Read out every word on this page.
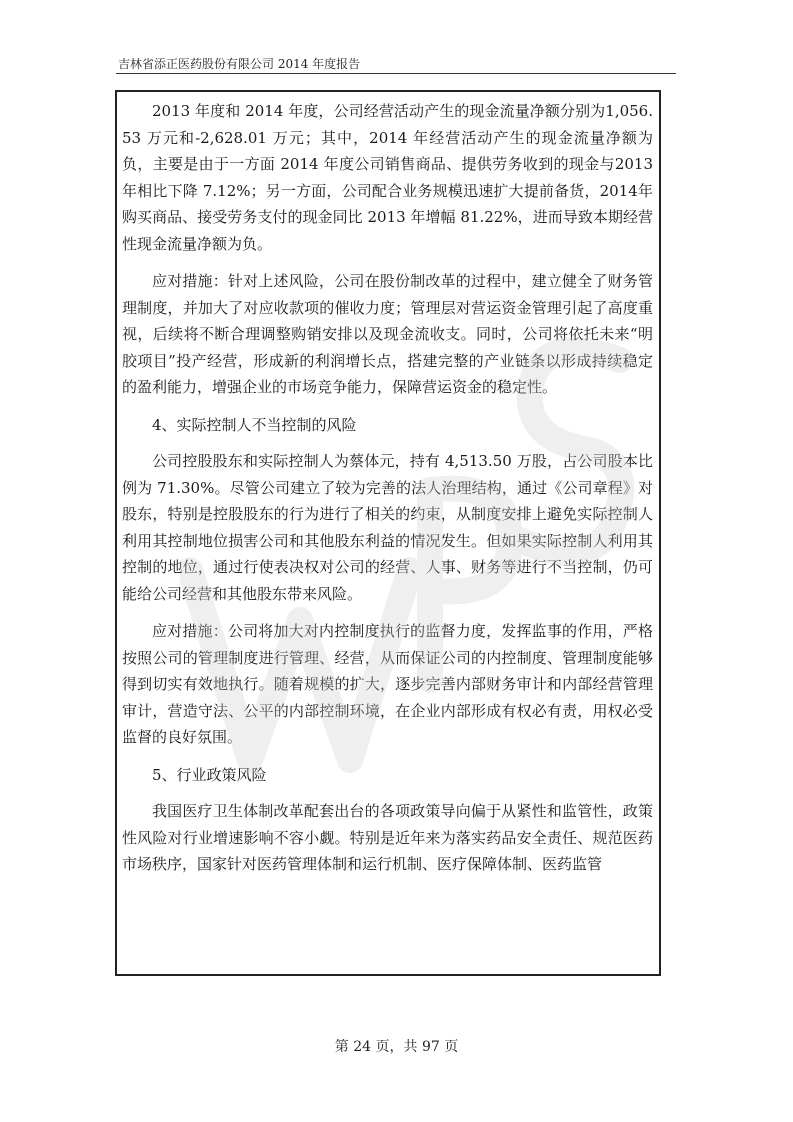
吉林省添正医药股份有限公司 2014 年度报告

2013 年度和 2014 年度，公司经营活动产生的现金流量净额分别为1,056.53 万元和-2,628.01 万元；其中，2014 年经营活动产生的现金流量净额为负，主要是由于一方面 2014 年度公司销售商品、提供劳务收到的现金与2013 年相比下降 7.12%；另一方面，公司配合业务规模迅速扩大提前备货，2014年购买商品、接受劳务支付的现金同比 2013 年增幅 81.22%，进而导致本期经营性现金流量净额为负。

应对措施：针对上述风险，公司在股份制改革的过程中，建立健全了财务管理制度，并加大了对应收款项的催收力度；管理层对营运资金管理引起了高度重视，后续将不断合理调整购销安排以及现金流收支。同时，公司将依托未来“明胶项目”投产经营，形成新的利润增长点，搭建完整的产业链条以形成持续稳定的盈利能力，增强企业的市场竞争能力，保障营运资金的稳定性。

4、实际控制人不当控制的风险

公司控股股东和实际控制人为蔡体元，持有 4,513.50 万股，占公司股本比例为 71.30%。尽管公司建立了较为完善的法人治理结构，通过《公司章程》对股东，特别是控股股东的行为进行了相关的约束，从制度安排上避免实际控制人利用其控制地位损害公司和其他股东利益的情况发生。但如果实际控制人利用其控制的地位，通过行使表决权对公司的经营、人事、财务等进行不当控制，仍可能给公司经营和其他股东带来风险。

应对措施：公司将加大对内控制度执行的监督力度，发挥监事的作用，严格按照公司的管理制度进行管理、经营，从而保证公司的内控制度、管理制度能够得到切实有效地执行。随着规模的扩大，逐步完善内部财务审计和内部经营管理审计，营造守法、公平的内部控制环境，在企业内部形成有权必有责，用权必受监督的良好氛围。

5、行业政策风险

我国医疗卫生体制改革配套出台的各项政策导向偏于从紧性和监管性，政策性风险对行业增速影响不容小觑。特别是近年来为落实药品安全责任、规范医药市场秩序，国家针对医药管理体制和运行机制、医疗保障体制、医药监管

第 24 页，共 97 页
